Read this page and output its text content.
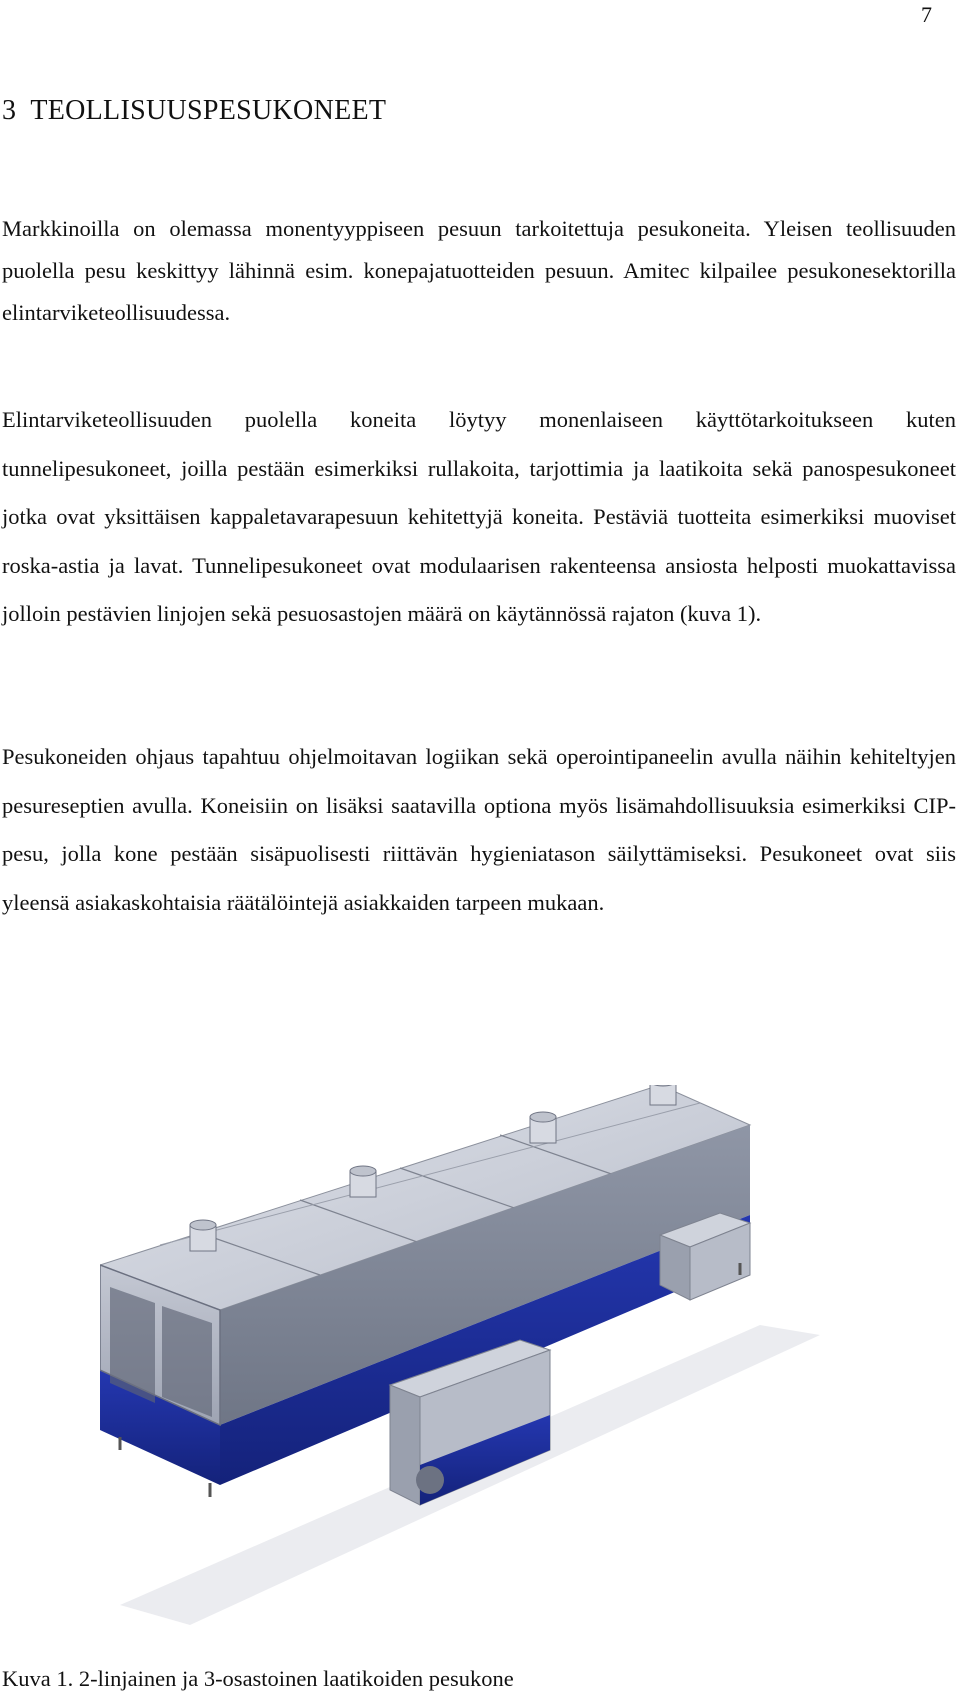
7
3 TEOLLISUUSPESUKONEET

Markkinoilla on olemassa monentyyppiseen pesuun tarkoitettuja pesukoneita. Yleisen teollisuuden puolella pesu keskittyy lähinnä esim. konepajatuotteiden pesuun. Amitec kilpailee pesukonesektorilla elintarviketeollisuudessa.

Elintarviketeollisuuden puolella koneita löytyy monenlaiseen käyttötarkoitukseen kuten tunnelipesukoneet, joilla pestään esimerkiksi rullakoita, tarjottimia ja laatikoita sekä panospesukoneet jotka ovat yksittäisen kappaletavarapesuun kehitettyjä koneita. Pestäviä tuotteita esimerkiksi muoviset roska-astia ja lavat. Tunnelipesukoneet ovat modulaarisen rakenteensa ansiosta helposti muokattavissa jolloin pestävien linjojen sekä pesuosastojen määrä on käytännössä rajaton (kuva 1).

Pesukoneiden ohjaus tapahtuu ohjelmoitavan logiikan sekä operointipaneelin avulla näihin kehiteltyjen pesureseptien avulla. Koneisiin on lisäksi saatavilla optiona myös lisämahdollisuuksia esimerkiksi CIP-pesu, jolla kone pestään sisäpuolisesti riittävän hygieniatason säilyttämiseksi. Pesukoneet ovat siis yleensä asiakaskohtaisia räätälöintejä asiakkaiden tarpeen mukaan.

Kuva 1. 2-linjainen ja 3-osastoinen laatikoiden pesukone
